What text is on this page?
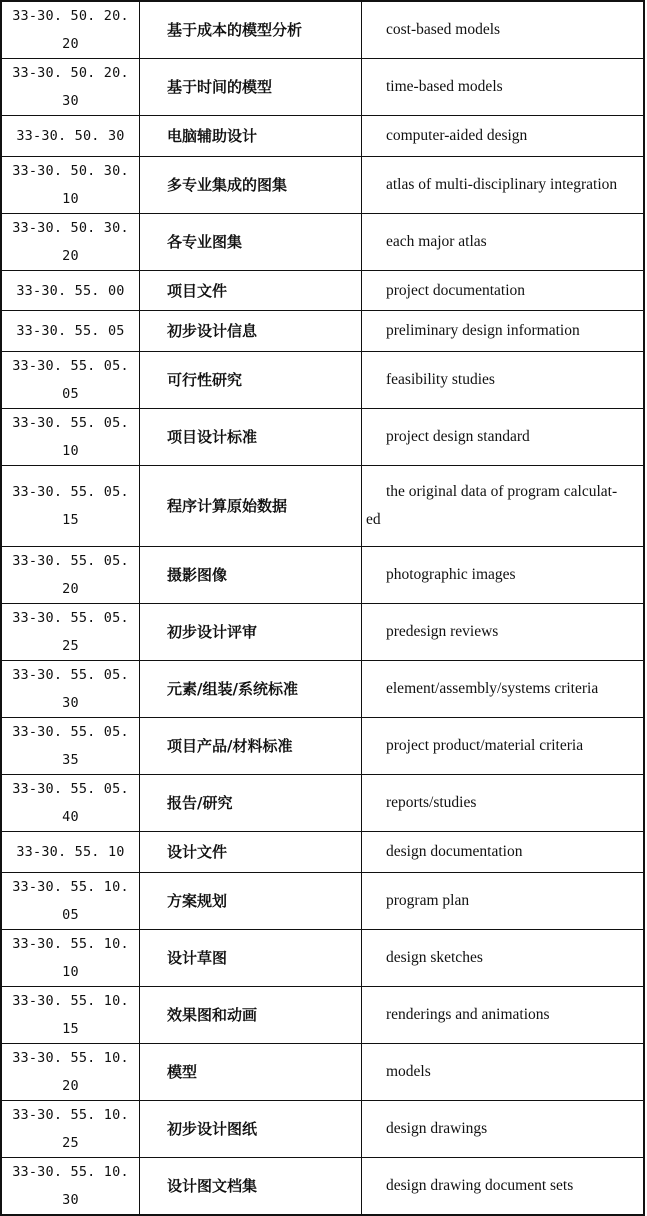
33-30. 50. 20. 20	基于成本的模型分析	cost-based models
33-30. 50. 20. 30	基于时间的模型	time-based models
33-30. 50. 30	电脑辅助设计	computer-aided design
33-30. 50. 30. 10	多专业集成的图集	atlas of multi-disciplinary integration
33-30. 50. 30. 20	各专业图集	each major atlas
33-30. 55. 00	项目文件	project documentation
33-30. 55. 05	初步设计信息	preliminary design information
33-30. 55. 05. 05	可行性研究	feasibility studies
33-30. 55. 05. 10	项目设计标准	project design standard
33-30. 55. 05. 15	程序计算原始数据	the original data of program calculat-
ed

33-30. 55. 05. 20	摄影图像	photographic images
33-30. 55. 05. 25	初步设计评审	predesign reviews
33-30. 55. 05. 30	元素/组装/系统标准	element/assembly/systems criteria
33-30. 55. 05. 35	项目产品/材料标准	project product/material criteria
33-30. 55. 05. 40	报告/研究	reports/studies
33-30. 55. 10	设计文件	design documentation
33-30. 55. 10. 05	方案规划	program plan
33-30. 55. 10. 10	设计草图	design sketches
33-30. 55. 10. 15	效果图和动画	renderings and animations
33-30. 55. 10. 20	模型	models
33-30. 55. 10. 25	初步设计图纸	design drawings
33-30. 55. 10. 30	设计图文档集	design drawing document sets
